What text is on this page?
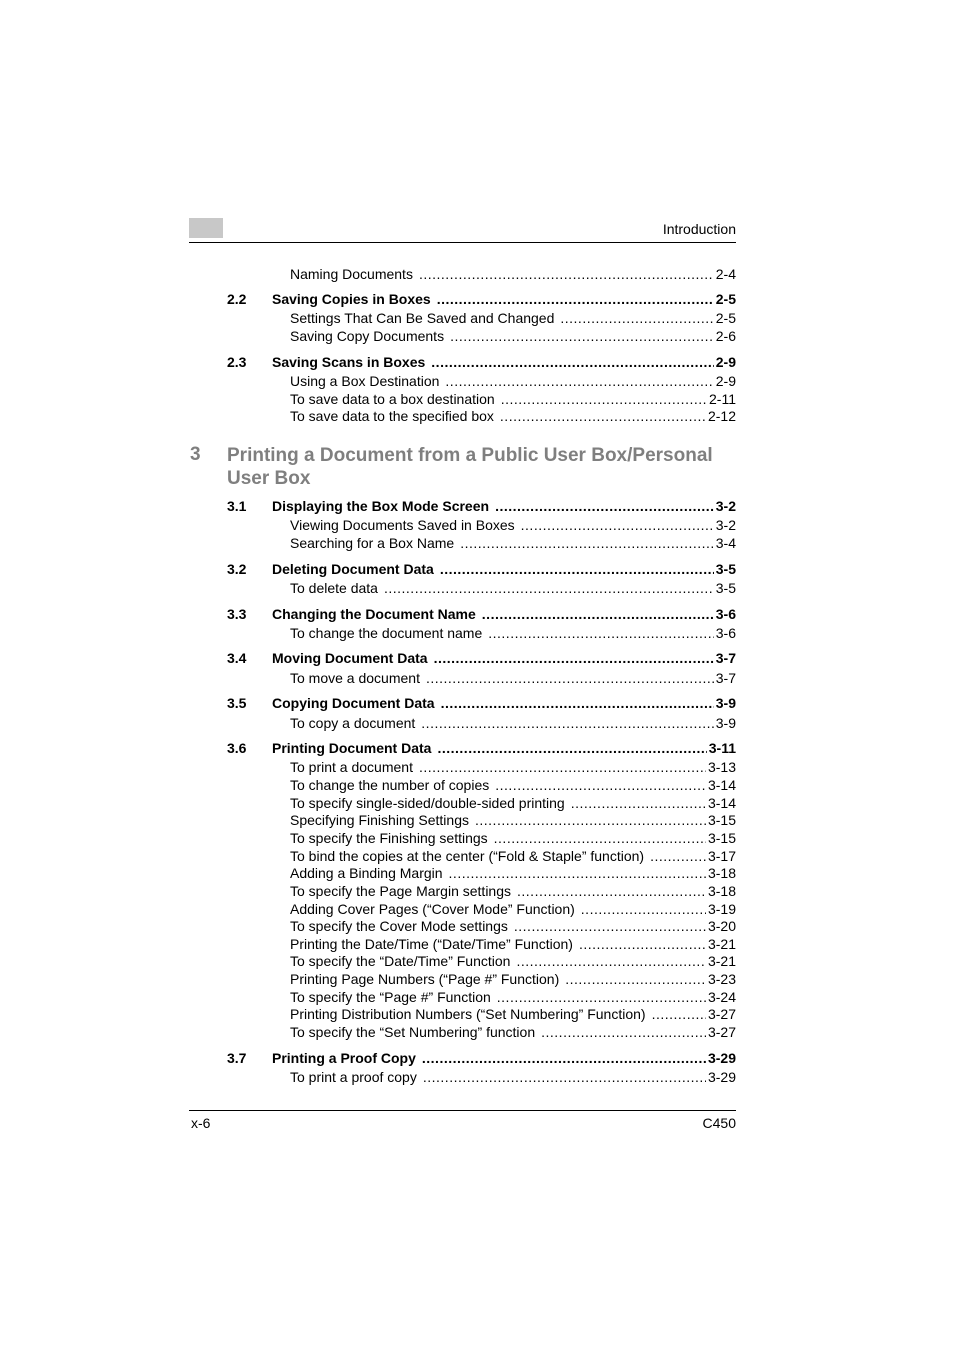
Introduction
Naming Documents .....	2-4
2.2 Saving Copies in Boxes .....	2-5
Settings That Can Be Saved and Changed .....	2-5
Saving Copy Documents .....	2-6
2.3 Saving Scans in Boxes .....	2-9
Using a Box Destination .....	2-9
To save data to a box destination .....	2-11
To save data to the specified box .....	2-12
3 Printing a Document from a Public User Box/Personal User Box
3.1 Displaying the Box Mode Screen .....	3-2
Viewing Documents Saved in Boxes .....	3-2
Searching for a Box Name .....	3-4
3.2 Deleting Document Data .....	3-5
To delete data .....	3-5
3.3 Changing the Document Name .....	3-6
To change the document name .....	3-6
3.4 Moving Document Data .....	3-7
To move a document .....	3-7
3.5 Copying Document Data .....	3-9
To copy a document .....	3-9
3.6 Printing Document Data .....	3-11
To print a document .....	3-13
To change the number of copies .....	3-14
To specify single-sided/double-sided printing .....	3-14
Specifying Finishing Settings .....	3-15
To specify the Finishing settings .....	3-15
To bind the copies at the center (“Fold & Staple” function) .....	3-17
Adding a Binding Margin .....	3-18
To specify the Page Margin settings .....	3-18
Adding Cover Pages (“Cover Mode” Function) .....	3-19
To specify the Cover Mode settings .....	3-20
Printing the Date/Time (“Date/Time” Function) .....	3-21
To specify the “Date/Time” Function .....	3-21
Printing Page Numbers (“Page #” Function) .....	3-23
To specify the “Page #” Function .....	3-24
Printing Distribution Numbers (“Set Numbering” Function) .....	3-27
To specify the “Set Numbering” function .....	3-27
3.7 Printing a Proof Copy .....	3-29
To print a proof copy .....	3-29
x-6	C450
